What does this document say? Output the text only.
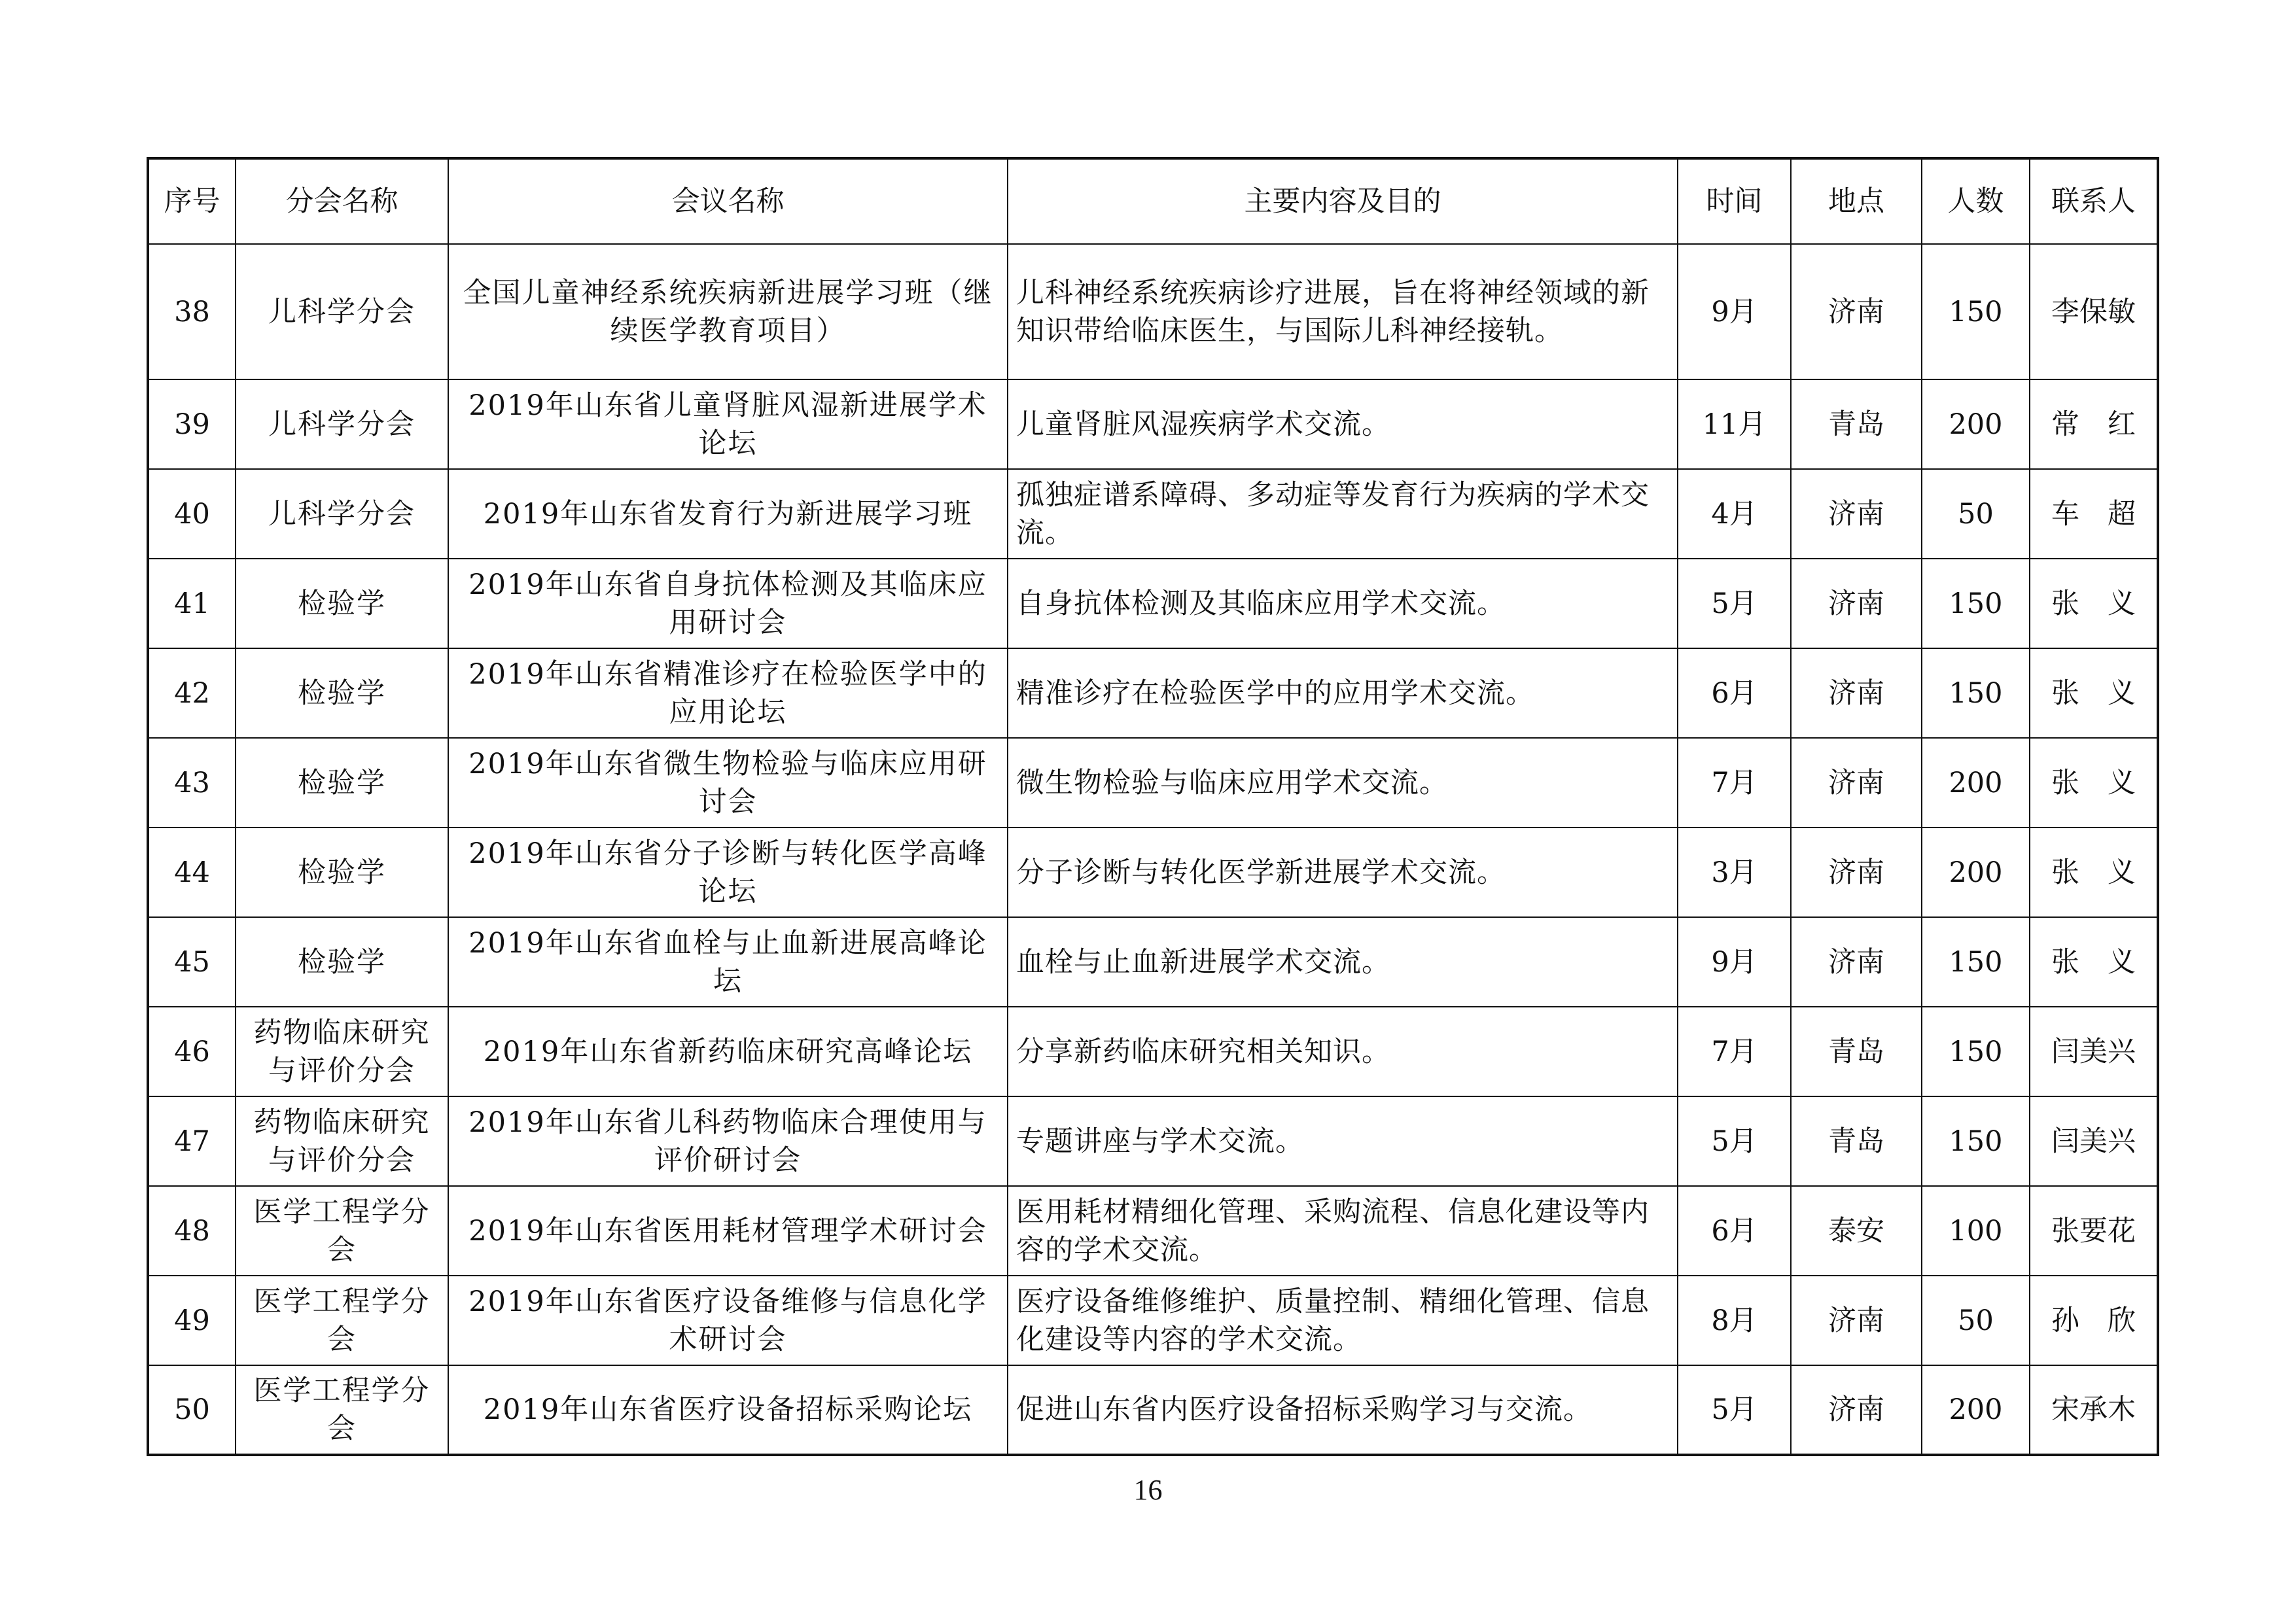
序号	分会名称	会议名称	主要内容及目的	时间	地点	人数	联系人
38	儿科学分会	全国儿童神经系统疾病新进展学习班（继续医学教育项目）	儿科神经系统疾病诊疗进展，旨在将神经领域的新知识带给临床医生，与国际儿科神经接轨。	9月	济南	150	李保敏
39	儿科学分会	2019年山东省儿童肾脏风湿新进展学术论坛	儿童肾脏风湿疾病学术交流。	11月	青岛	200	常　红
40	儿科学分会	2019年山东省发育行为新进展学习班	孤独症谱系障碍、多动症等发育行为疾病的学术交流。	4月	济南	50	车　超
41	检验学	2019年山东省自身抗体检测及其临床应用研讨会	自身抗体检测及其临床应用学术交流。	5月	济南	150	张　义
42	检验学	2019年山东省精准诊疗在检验医学中的应用论坛	精准诊疗在检验医学中的应用学术交流。	6月	济南	150	张　义
43	检验学	2019年山东省微生物检验与临床应用研讨会	微生物检验与临床应用学术交流。	7月	济南	200	张　义
44	检验学	2019年山东省分子诊断与转化医学高峰论坛	分子诊断与转化医学新进展学术交流。	3月	济南	200	张　义
45	检验学	2019年山东省血栓与止血新进展高峰论坛	血栓与止血新进展学术交流。	9月	济南	150	张　义
46	药物临床研究与评价分会	2019年山东省新药临床研究高峰论坛	分享新药临床研究相关知识。	7月	青岛	150	闫美兴
47	药物临床研究与评价分会	2019年山东省儿科药物临床合理使用与评价研讨会	专题讲座与学术交流。	5月	青岛	150	闫美兴
48	医学工程学分会	2019年山东省医用耗材管理学术研讨会	医用耗材精细化管理、采购流程、信息化建设等内容的学术交流。	6月	泰安	100	张要花
49	医学工程学分会	2019年山东省医疗设备维修与信息化学术研讨会	医疗设备维修维护、质量控制、精细化管理、信息化建设等内容的学术交流。	8月	济南	50	孙　欣
50	医学工程学分会	2019年山东省医疗设备招标采购论坛	促进山东省内医疗设备招标采购学习与交流。	5月	济南	200	宋承木
16
